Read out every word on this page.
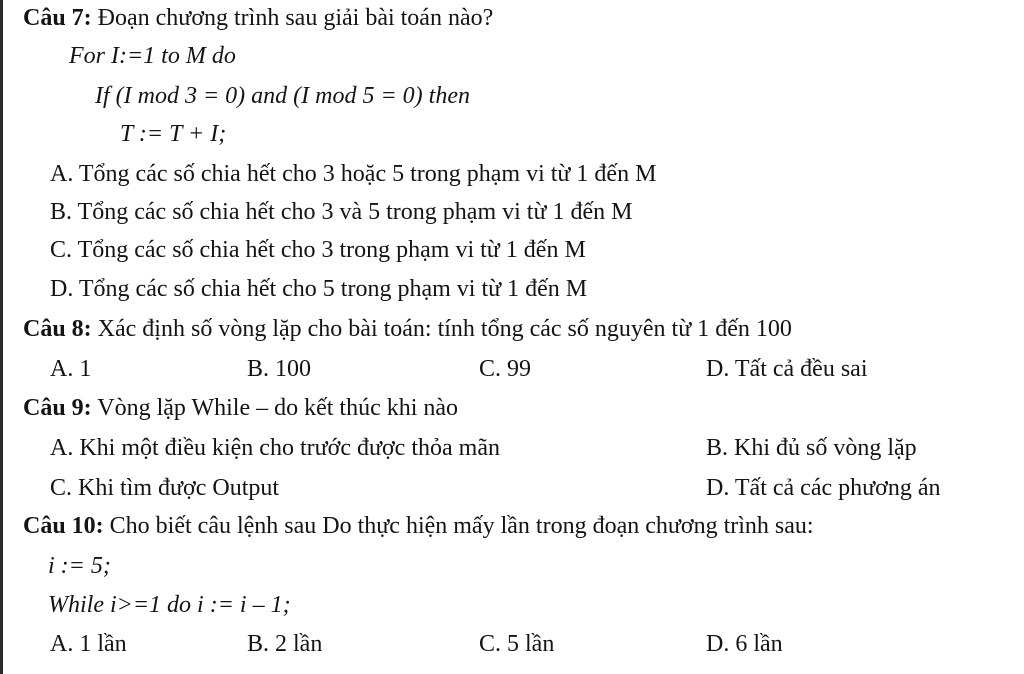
Câu 7: Đoạn chương trình sau giải bài toán nào?
For I:=1 to M do
If (I mod 3 = 0) and (I mod 5 = 0) then
T := T + I;
A. Tổng các số chia hết cho 3 hoặc 5 trong phạm vi từ 1 đến M
B. Tổng các số chia hết cho 3 và 5 trong phạm vi từ 1 đến M
C. Tổng các số chia hết cho 3 trong phạm vi từ 1 đến M
D. Tổng các số chia hết cho 5 trong phạm vi từ 1 đến M
Câu 8: Xác định số vòng lặp cho bài toán: tính tổng các số nguyên từ 1 đến 100
A. 1	B. 100	C. 99	D. Tất cả đều sai
Câu 9: Vòng lặp While – do kết thúc khi nào
A. Khi một điều kiện cho trước được thỏa mãn	B. Khi đủ số vòng lặp
C. Khi tìm được Output	D. Tất cả các phương án
Câu 10: Cho biết câu lệnh sau Do thực hiện mấy lần trong đoạn chương trình sau:
i := 5;
While i>=1 do i := i – 1;
A. 1 lần	B. 2 lần	C. 5 lần	D. 6 lần
